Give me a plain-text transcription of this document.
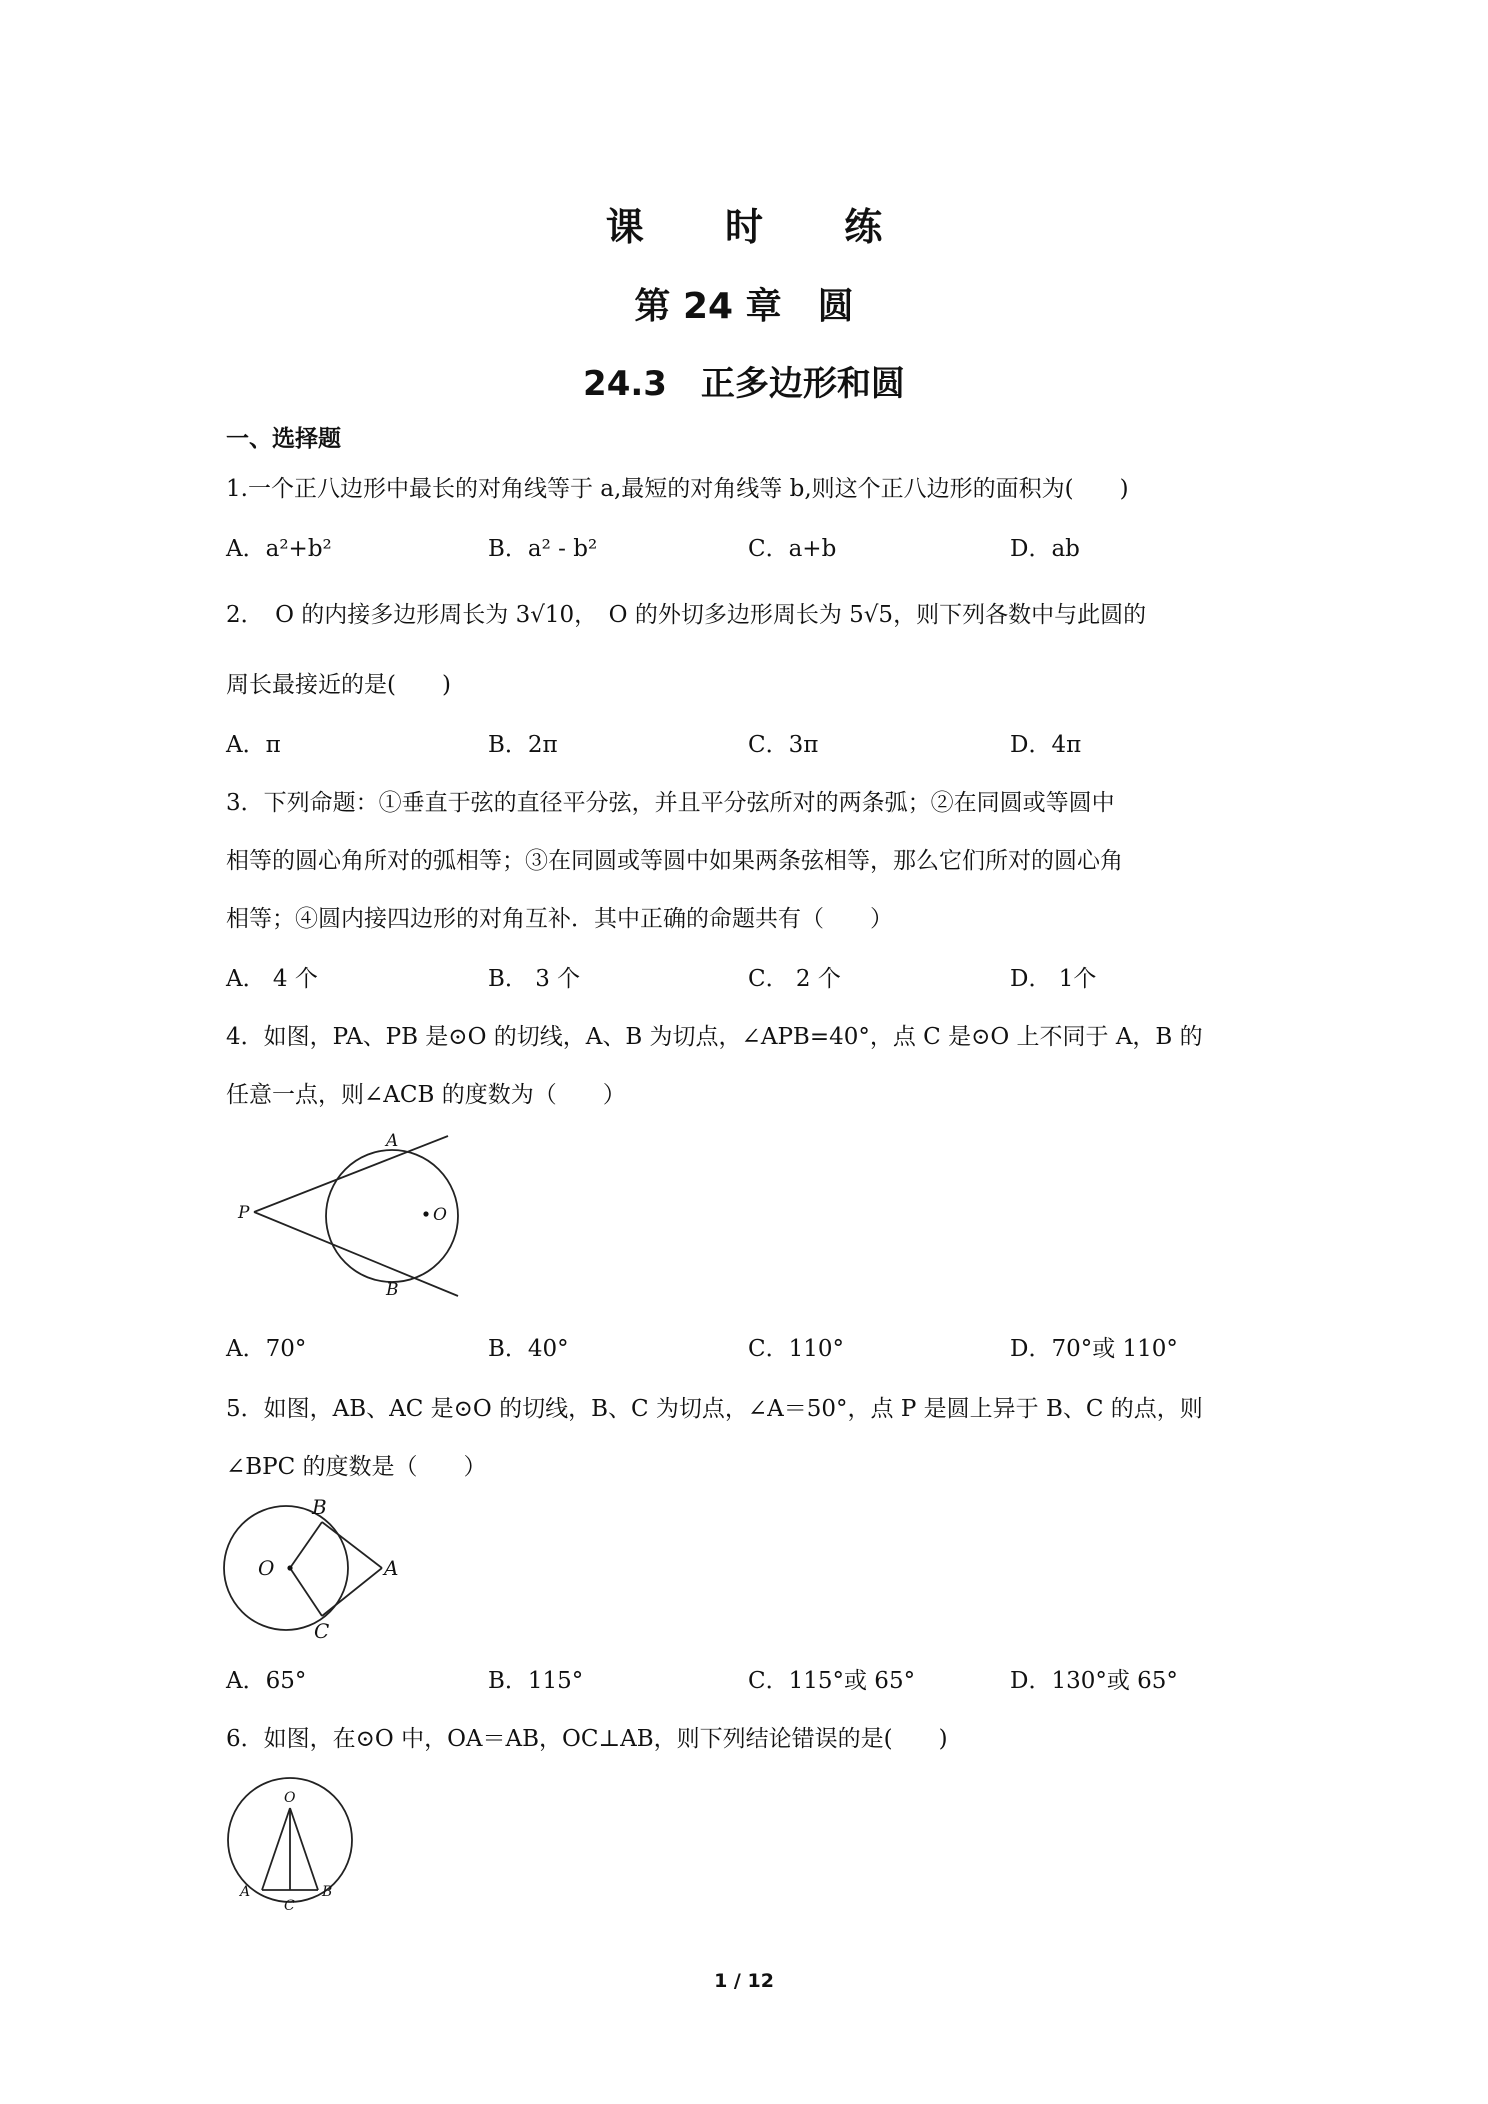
课 时 练
第 24 章　圆
24.3　正多边形和圆
一、选择题
1.一个正八边形中最长的对角线等于 a,最短的对角线等 b,则这个正八边形的面积为(　　)
A．a²+b²	B．a² - b²	C．a+b	D．ab
2．　O 的内接多边形周长为 3√10，　O 的外切多边形周长为 5√5，则下列各数中与此圆的
周长最接近的是(　　)
A．π	B．2π	C．3π	D．4π
3．下列命题：①垂直于弦的直径平分弦，并且平分弦所对的两条弧；②在同圆或等圆中
相等的圆心角所对的弧相等；③在同圆或等圆中如果两条弦相等，那么它们所对的圆心角
相等；④圆内接四边形的对角互补．其中正确的命题共有（　　）
A． 4 个	B． 3 个	C． 2 个	D． 1个
4．如图，PA、PB 是⊙O 的切线，A、B 为切点，∠APB=40°，点 C 是⊙O 上不同于 A，B 的
任意一点，则∠ACB 的度数为（　　）
A
B
P	O
A．70°	B．40°	C．110°	D．70°或 110°
5．如图，AB、AC 是⊙O 的切线，B、C 为切点，∠A＝50°，点 P 是圆上异于 B、C 的点，则
∠BPC 的度数是（　　）
B
O	A
C
A．65°	B．115°	C．115°或 65°	D．130°或 65°
6．如图，在⊙O 中，OA＝AB，OC⊥AB，则下列结论错误的是(　　)
O
A
C
B
1 / 12
